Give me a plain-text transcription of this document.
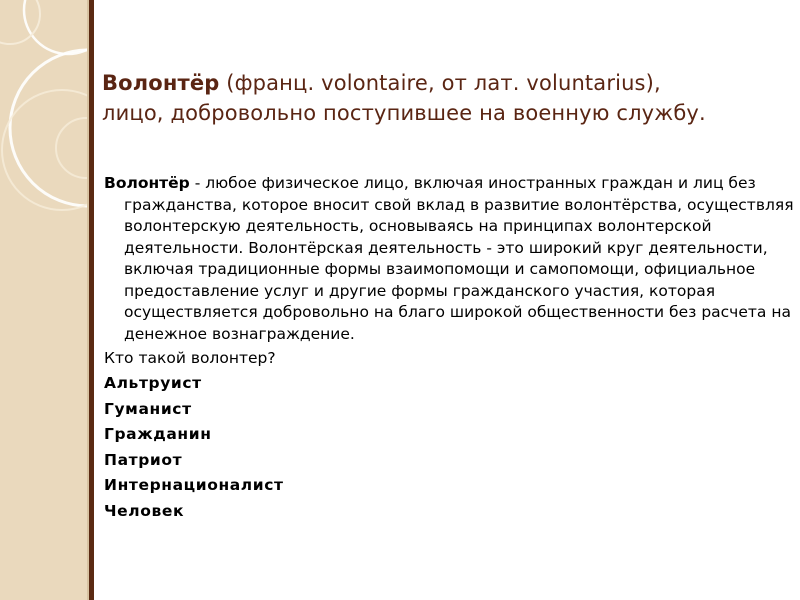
Волонтёр (франц. volontaire, от лат. voluntarius),
лицо, добровольно поступившее на военную службу.

Волонтёр - любое физическое лицо, включая иностранных граждан и лиц без гражданства, которое вносит свой вклад в развитие волонтёрства, осуществляя волонтерскую деятельность, основываясь на принципах волонтерской деятельности. Волонтёрская деятельность - это широкий круг деятельности, включая традиционные формы взаимопомощи и самопомощи, официальное предоставление услуг и другие формы гражданского участия, которая осуществляется добровольно на благо широкой общественности без расчета на денежное вознаграждение.

Кто такой волонтер?

Альтруист

Гуманист

Гражданин

Патриот

Интернационалист

Человек
